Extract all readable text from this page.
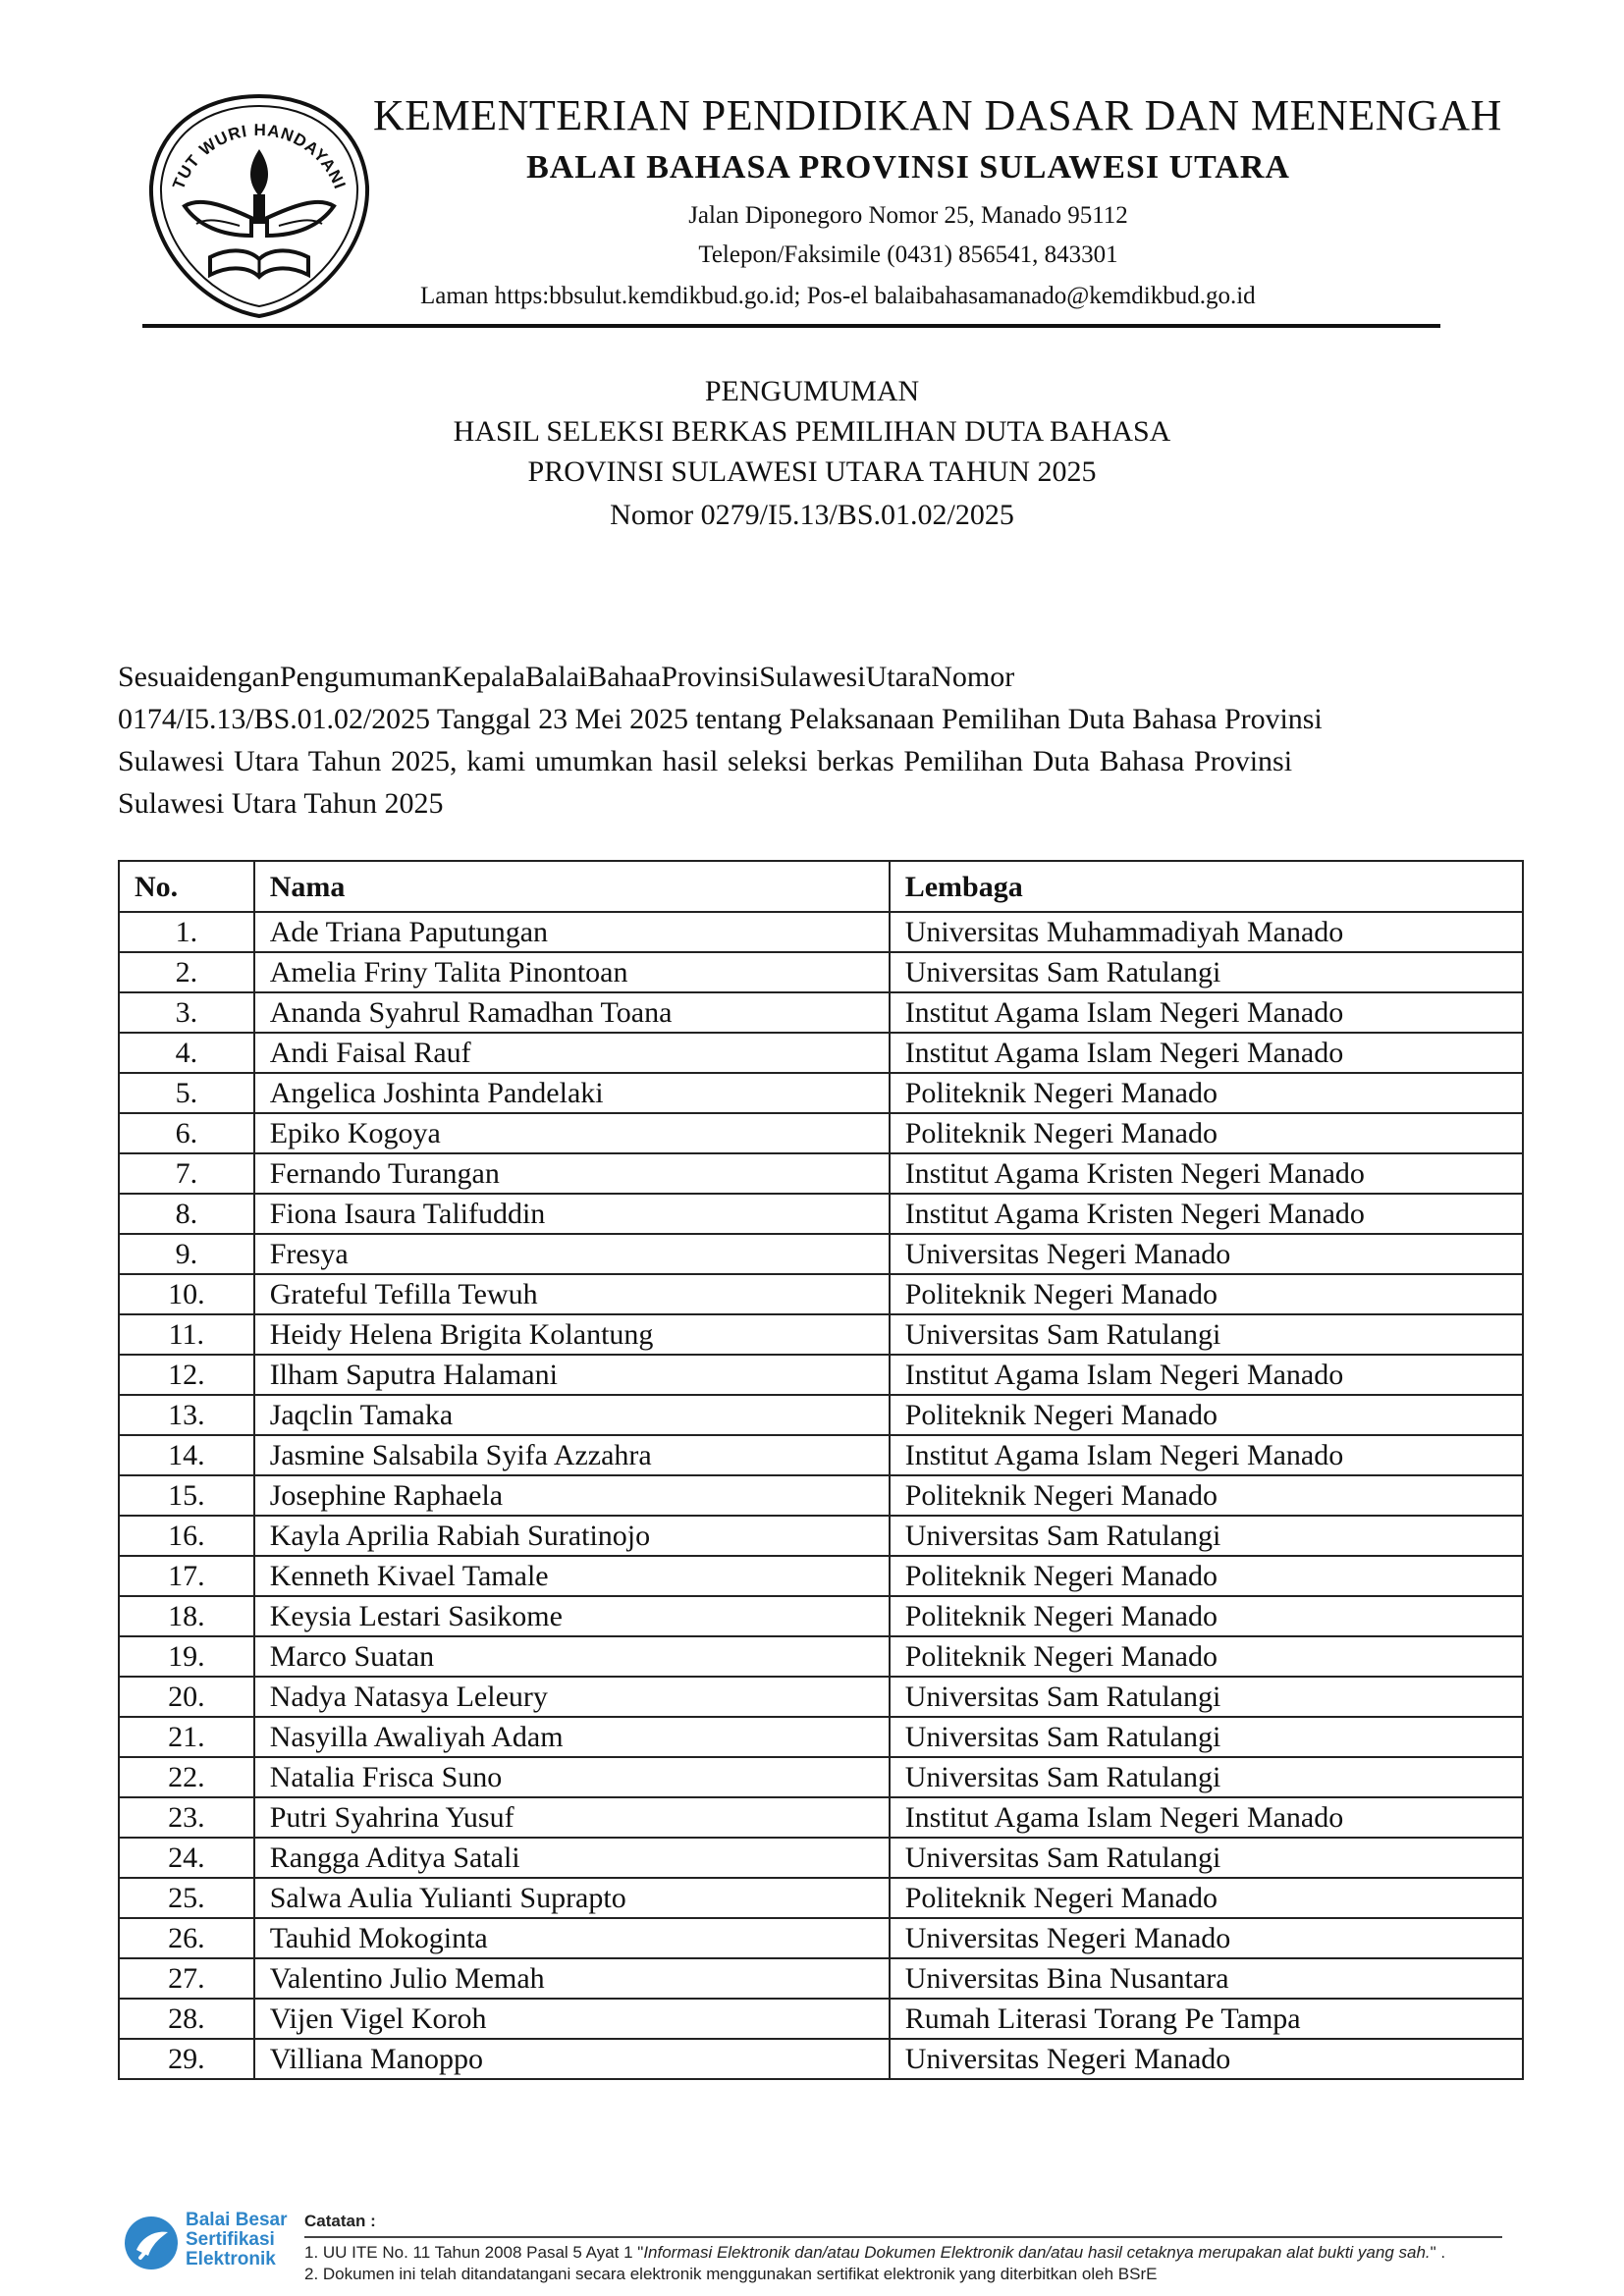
TUT WURI HANDAYANI
KEMENTERIAN PENDIDIKAN DASAR DAN MENENGAH
BALAI BAHASA PROVINSI SULAWESI UTARA
Jalan Diponegoro Nomor 25, Manado 95112
Telepon/Faksimile (0431) 856541, 843301
Laman https:bbsulut.kemdikbud.go.id; Pos-el balaibahasamanado@kemdikbud.go.id
PENGUMUMAN
HASIL SELEKSI BERKAS PEMILIHAN DUTA BAHASA
PROVINSI SULAWESI UTARA TAHUN 2025
Nomor 0279/I5.13/BS.01.02/2025
SesuaidenganPengumumanKepalaBalaiBahaaProvinsiSulawesiUtaraNomor
0174/I5.13/BS.01.02/2025 Tanggal 23 Mei 2025 tentang Pelaksanaan Pemilihan Duta Bahasa Provinsi
Sulawesi Utara Tahun 2025, kami umumkan hasil seleksi berkas Pemilihan Duta Bahasa Provinsi
Sulawesi Utara Tahun 2025
No.	Nama	Lembaga
1.	Ade Triana Paputungan	Universitas Muhammadiyah Manado
2.	Amelia Friny Talita Pinontoan	Universitas Sam Ratulangi
3.	Ananda Syahrul Ramadhan Toana	Institut Agama Islam Negeri Manado
4.	Andi Faisal Rauf	Institut Agama Islam Negeri Manado
5.	Angelica Joshinta Pandelaki	Politeknik Negeri Manado
6.	Epiko Kogoya	Politeknik Negeri Manado
7.	Fernando Turangan	Institut Agama Kristen Negeri Manado
8.	Fiona Isaura Talifuddin	Institut Agama Kristen Negeri Manado
9.	Fresya	Universitas Negeri Manado
10.	Grateful Tefilla Tewuh	Politeknik Negeri Manado
11.	Heidy Helena Brigita Kolantung	Universitas Sam Ratulangi
12.	Ilham Saputra Halamani	Institut Agama Islam Negeri Manado
13.	Jaqclin Tamaka	Politeknik Negeri Manado
14.	Jasmine Salsabila Syifa Azzahra	Institut Agama Islam Negeri Manado
15.	Josephine Raphaela	Politeknik Negeri Manado
16.	Kayla Aprilia Rabiah Suratinojo	Universitas Sam Ratulangi
17.	Kenneth Kivael Tamale	Politeknik Negeri Manado
18.	Keysia Lestari Sasikome	Politeknik Negeri Manado
19.	Marco Suatan	Politeknik Negeri Manado
20.	Nadya Natasya Leleury	Universitas Sam Ratulangi
21.	Nasyilla Awaliyah Adam	Universitas Sam Ratulangi
22.	Natalia Frisca Suno	Universitas Sam Ratulangi
23.	Putri Syahrina Yusuf	Institut Agama Islam Negeri Manado
24.	Rangga Aditya Satali	Universitas Sam Ratulangi
25.	Salwa Aulia Yulianti Suprapto	Politeknik Negeri Manado
26.	Tauhid Mokoginta	Universitas Negeri Manado
27.	Valentino Julio Memah	Universitas Bina Nusantara
28.	Vijen Vigel Koroh	Rumah Literasi Torang Pe Tampa
29.	Villiana Manoppo	Universitas Negeri Manado
Balai Besar
Sertifikasi
Elektronik
Catatan :
1. UU ITE No. 11 Tahun 2008 Pasal 5 Ayat 1 "Informasi Elektronik dan/atau Dokumen Elektronik dan/atau hasil cetaknya merupakan alat bukti yang sah." .
2. Dokumen ini telah ditandatangani secara elektronik menggunakan sertifikat elektronik yang diterbitkan oleh BSrE
